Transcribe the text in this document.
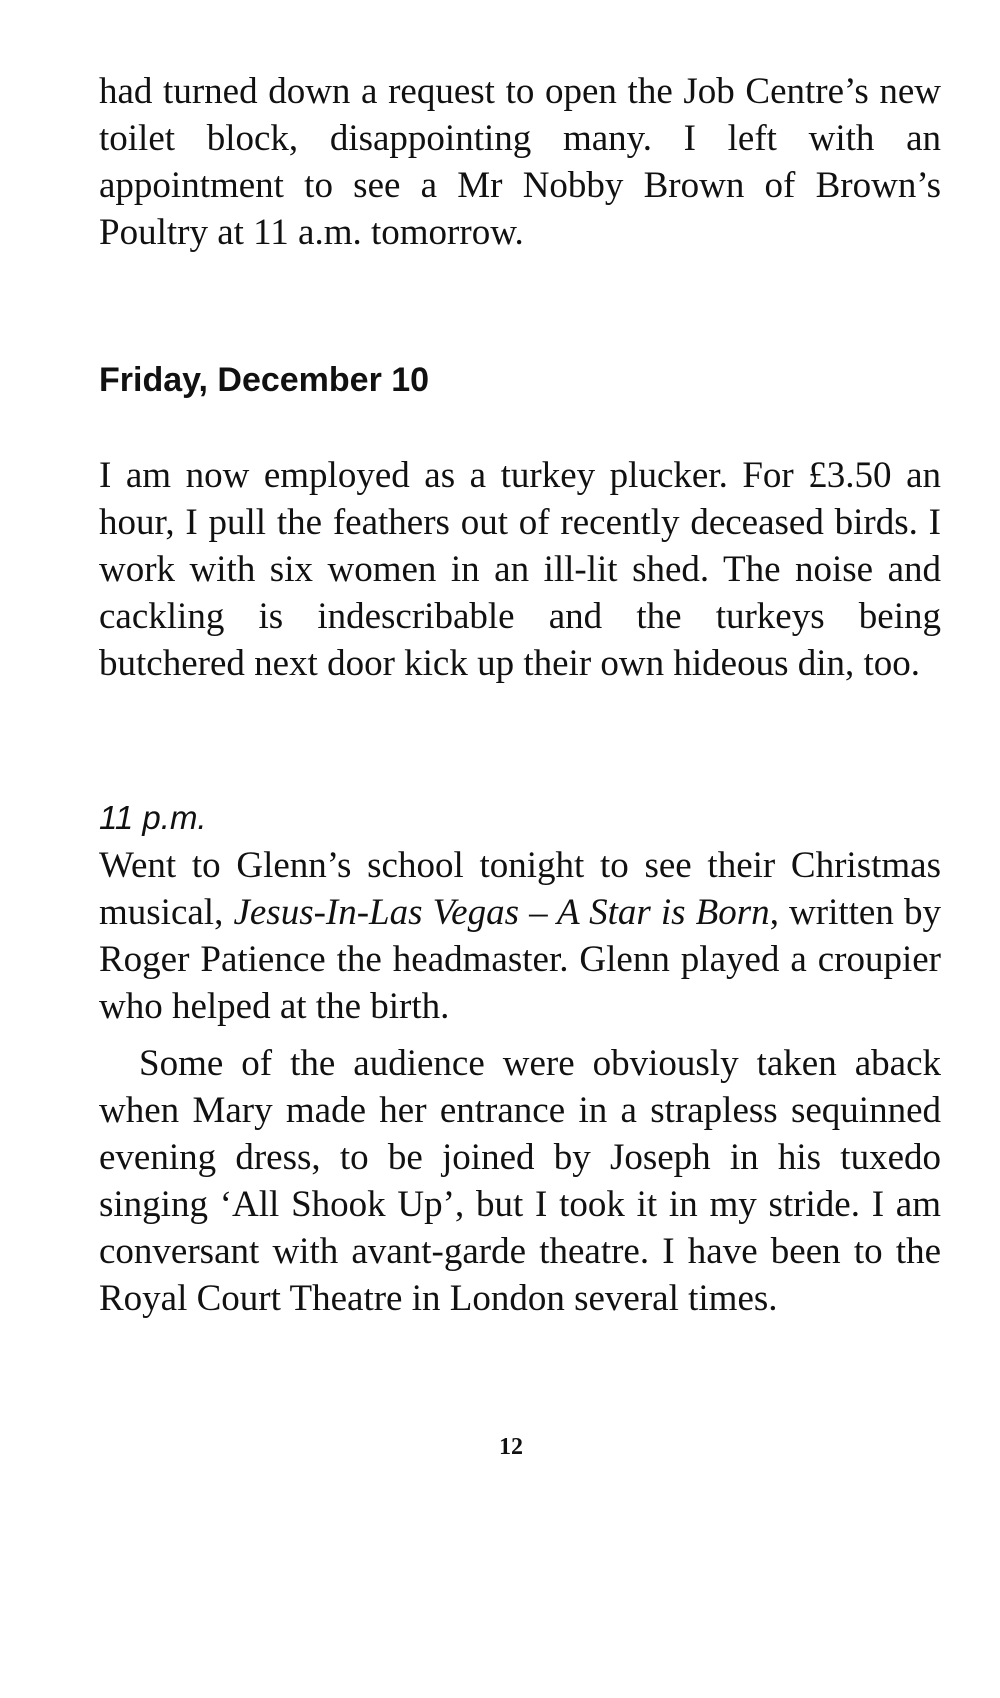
had turned down a request to open the Job Centre’s new toilet block, disappointing many. I left with an appointment to see a Mr Nobby Brown of Brown’s Poultry at 11 a.m. tomorrow.

Friday, December 10

I am now employed as a turkey plucker. For £3.50 an hour, I pull the feathers out of recently deceased birds. I work with six women in an ill-lit shed. The noise and cackling is indescribable and the turkeys being butchered next door kick up their own hideous din, too.

11 p.m.

Went to Glenn’s school tonight to see their Christmas musical, Jesus-In-Las Vegas – A Star is Born, written by Roger Patience the headmaster. Glenn played a croupier who helped at the birth.

Some of the audience were obviously taken aback when Mary made her entrance in a strapless sequinned evening dress, to be joined by Joseph in his tuxedo singing ‘All Shook Up’, but I took it in my stride. I am conversant with avant-garde theatre. I have been to the Royal Court Theatre in London several times.

12
